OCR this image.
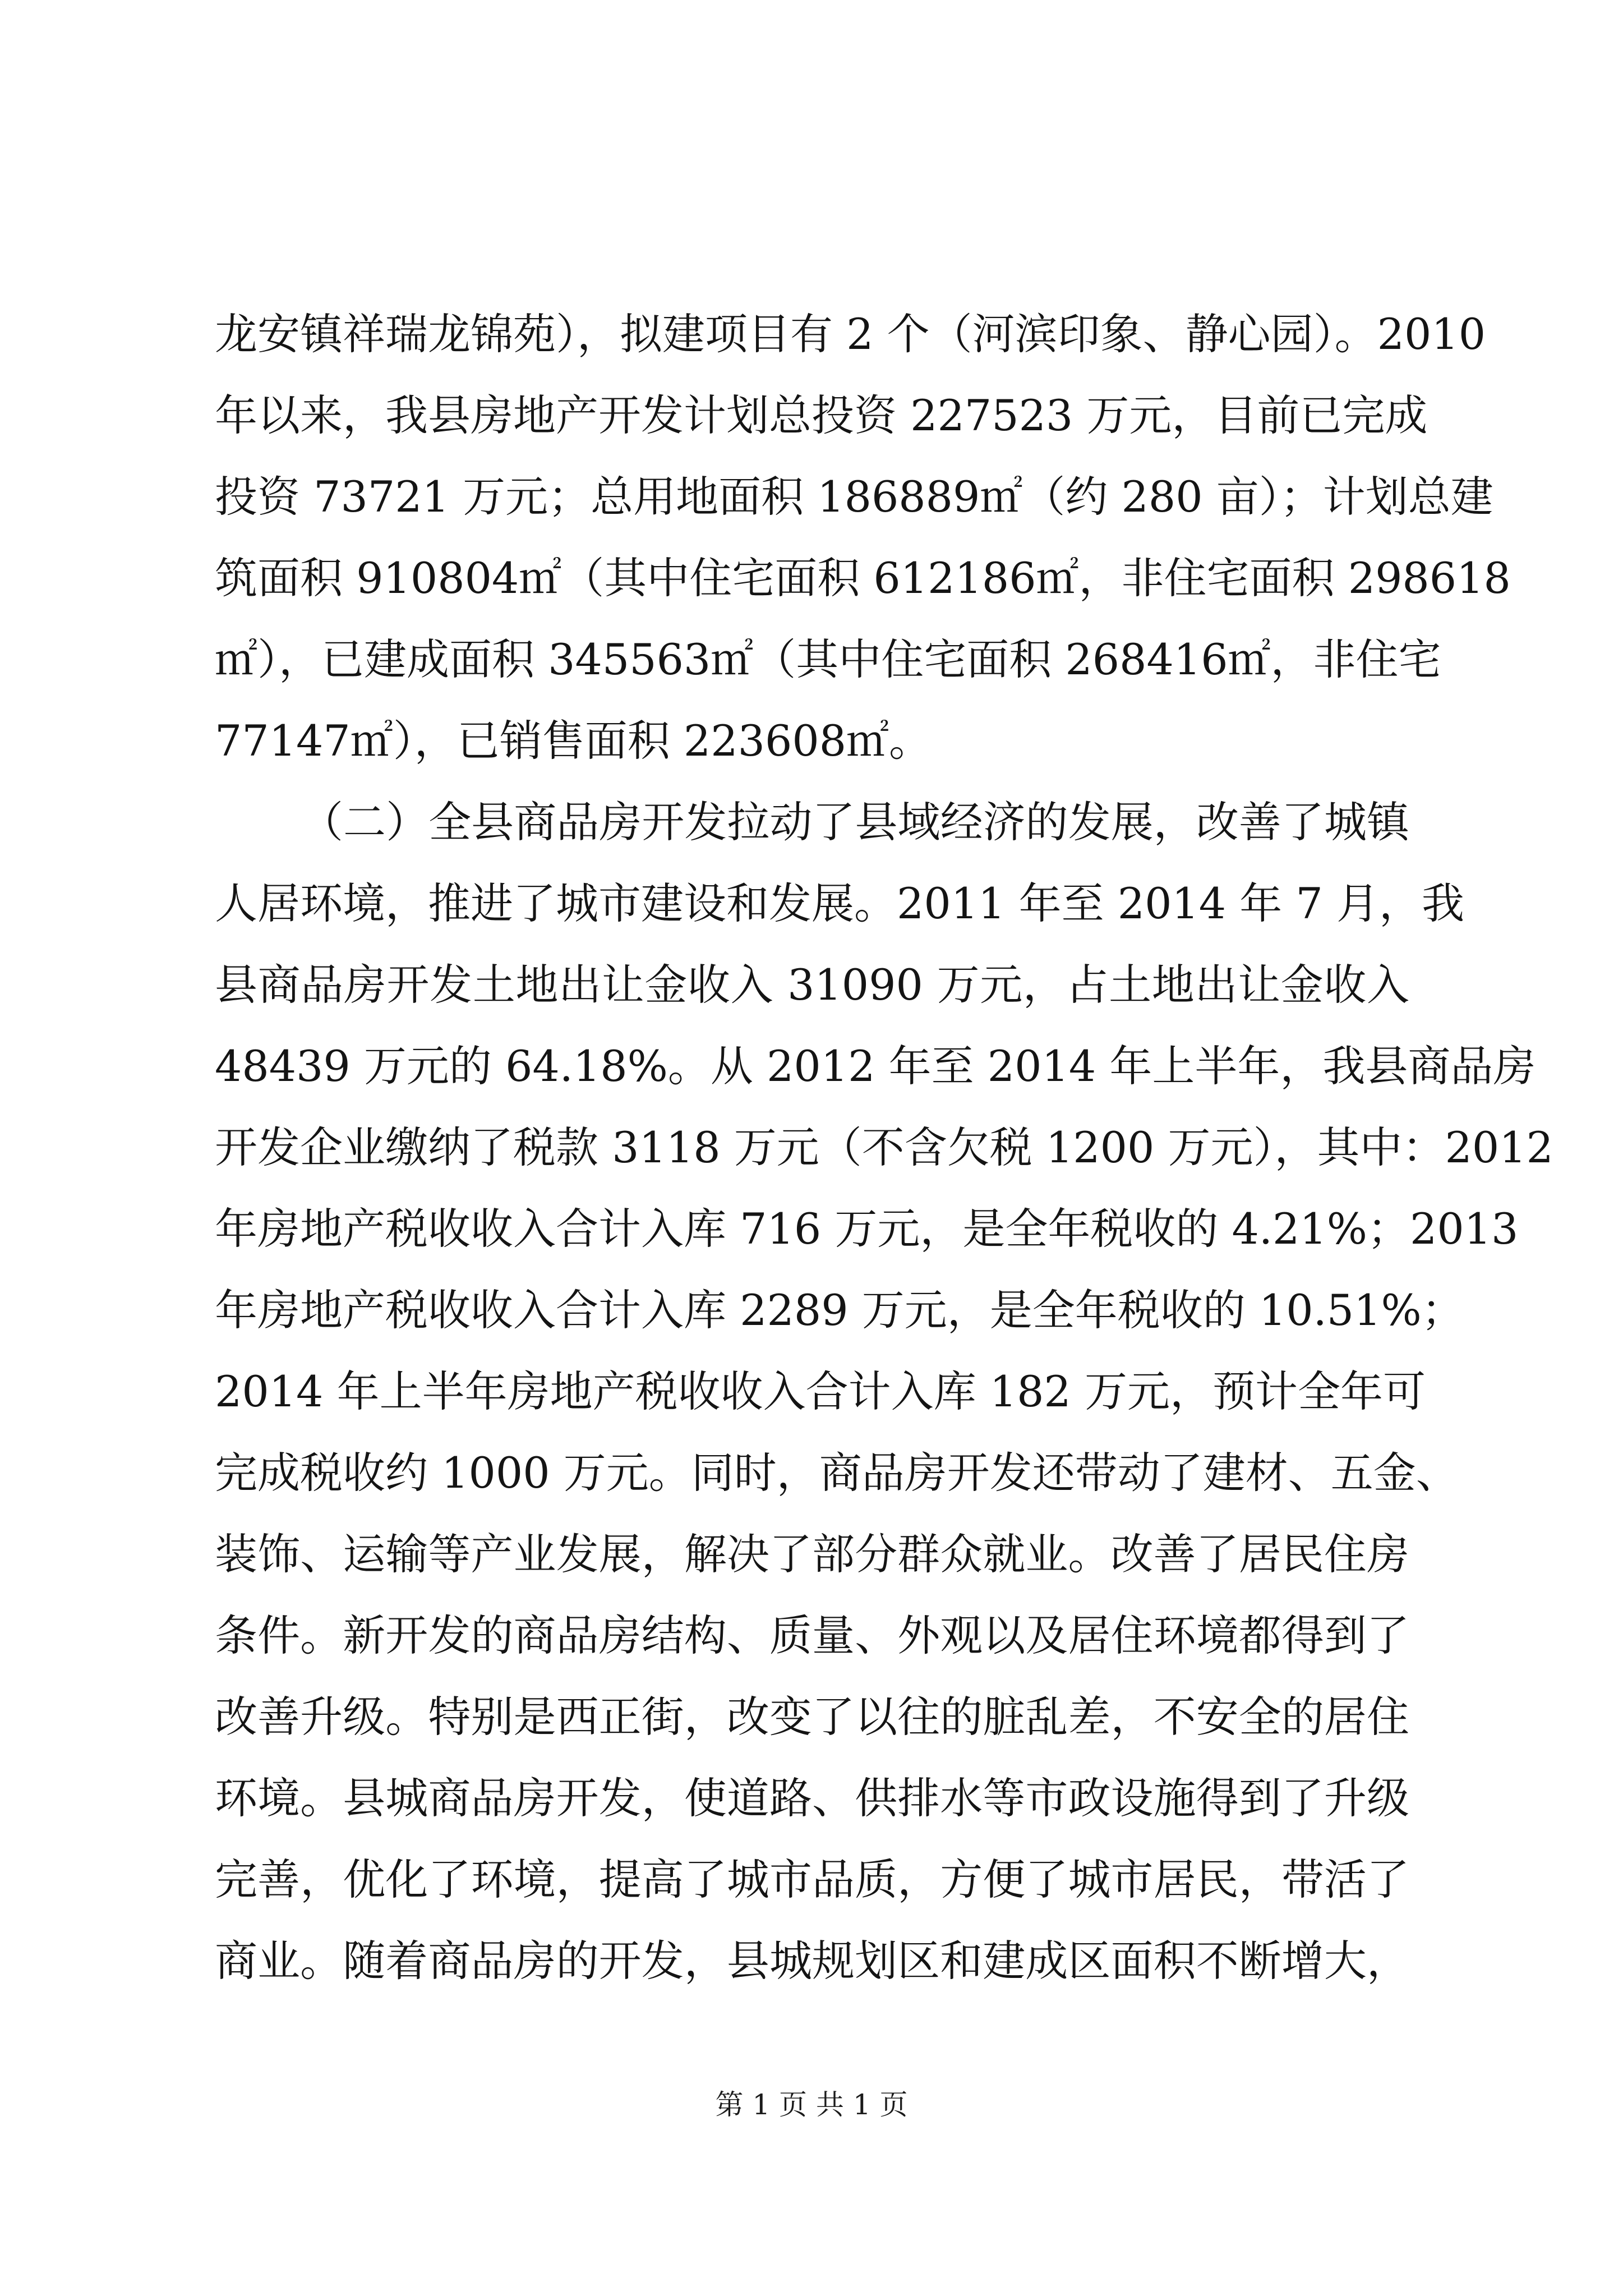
龙安镇祥瑞龙锦苑），拟建项目有 2 个（河滨印象、静心园）。2010
年以来，我县房地产开发计划总投资 227523 万元，目前已完成
投资 73721 万元；总用地面积 186889㎡（约 280 亩）；计划总建
筑面积 910804㎡（其中住宅面积 612186㎡，非住宅面积 298618
㎡），已建成面积 345563㎡（其中住宅面积 268416㎡，非住宅
77147㎡），已销售面积 223608㎡。
（二）全县商品房开发拉动了县域经济的发展，改善了城镇
人居环境，推进了城市建设和发展。2011 年至 2014 年 7 月，我
县商品房开发土地出让金收入 31090 万元，占土地出让金收入
48439 万元的 64.18%。从 2012 年至 2014 年上半年，我县商品房
开发企业缴纳了税款 3118 万元（不含欠税 1200 万元），其中：2012
年房地产税收收入合计入库 716 万元，是全年税收的 4.21%；2013
年房地产税收收入合计入库 2289 万元，是全年税收的 10.51%；
2014 年上半年房地产税收收入合计入库 182 万元，预计全年可
完成税收约 1000 万元。同时，商品房开发还带动了建材、五金、
装饰、运输等产业发展，解决了部分群众就业。改善了居民住房
条件。新开发的商品房结构、质量、外观以及居住环境都得到了
改善升级。特别是西正街，改变了以往的脏乱差，不安全的居住
环境。县城商品房开发，使道路、供排水等市政设施得到了升级
完善，优化了环境，提高了城市品质，方便了城市居民，带活了
商业。随着商品房的开发，县城规划区和建成区面积不断增大，
第 1 页 共 1 页
